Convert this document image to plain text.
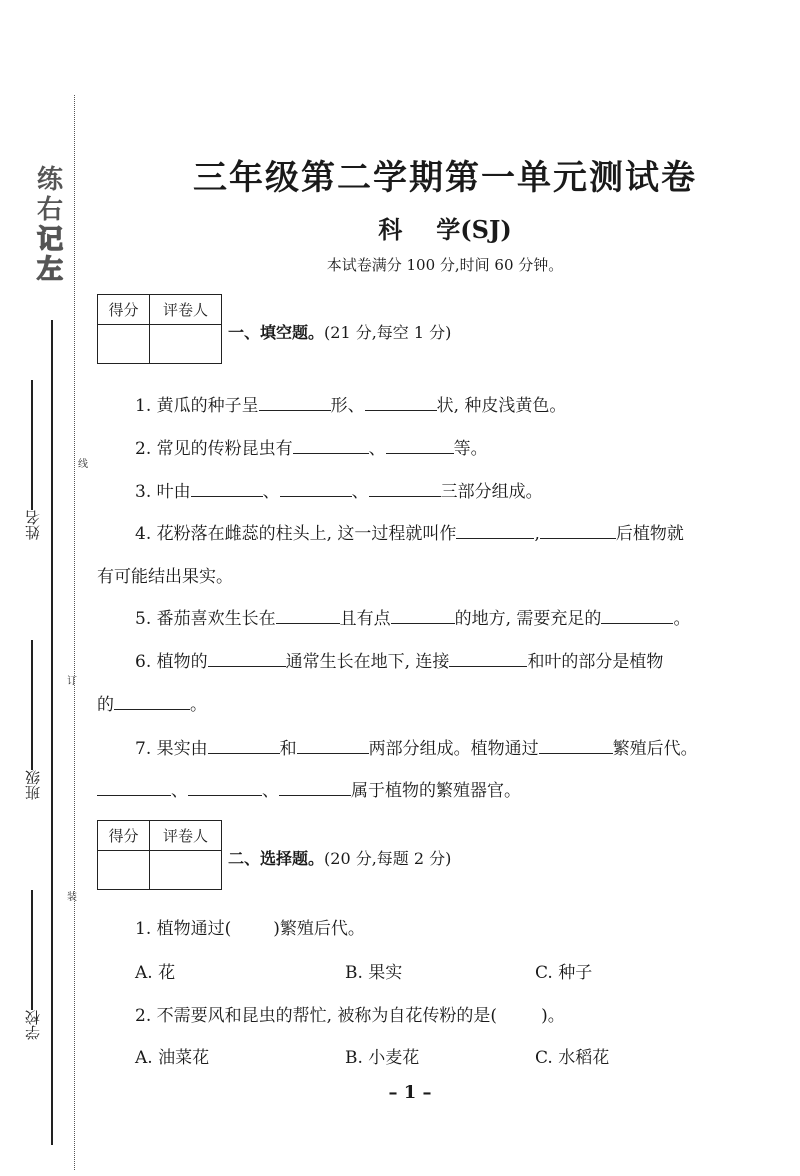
练
右
记
左
线
订
装
姓名
班级
学校
三年级第二学期第一单元测试卷
科 学(SJ)
本试卷满分 100 分,时间 60 分钟。
得分	评卷人
一、填空题。(21 分,每空 1 分)
1. 黄瓜的种子呈	形、	状, 种皮浅黄色。
2. 常见的传粉昆虫有	、	等。
3. 叶由	、	、	三部分组成。
4. 花粉落在雌蕊的柱头上, 这一过程就叫作	,	后植物就
有可能结出果实。
5. 番茄喜欢生长在	且有点	的地方, 需要充足的	。
6. 植物的	通常生长在地下, 连接	和叶的部分是植物
的	。
7. 果实由	和	两部分组成。植物通过	繁殖后代。
、	、	属于植物的繁殖器官。
得分	评卷人
二、选择题。(20 分,每题 2 分)
1. 植物通过( )繁殖后代。
A. 花	B. 果实	C. 种子
2. 不需要风和昆虫的帮忙, 被称为自花传粉的是(	)。
A. 油菜花	B. 小麦花	C. 水稻花
– 1 –
